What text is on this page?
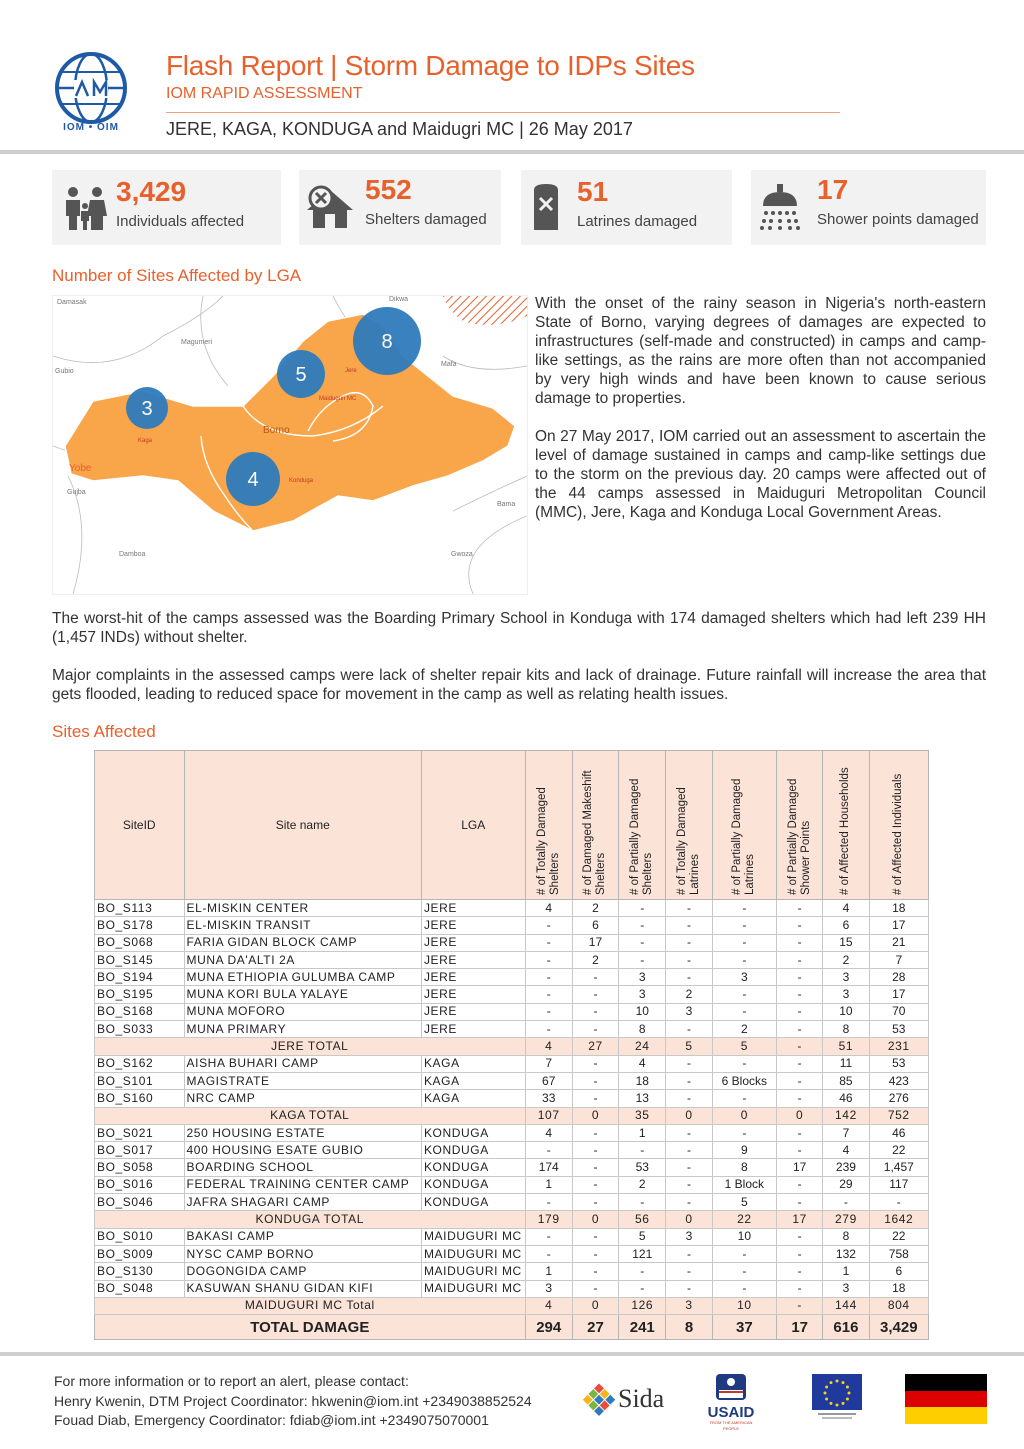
IOM • OIM
Flash Report | Storm Damage to IDPs Sites
IOM RAPID ASSESSMENT
JERE, KAGA, KONDUGA and Maidugri MC | 26 May 2017
3,429
Individuals affected
552
Shelters damaged
51
Latrines damaged
17
Shower points damaged
Number of Sites Affected by LGA
Damasak
Gubio
Magumeri
Mafa
Bama
Gujba
Damboa	Gwoza
Dikwa
Yobe
Borno
Kaga
Jere
Maiduguri MC
Konduga
3
5
8
4
With the onset of the rainy season in Nigeria's north-eastern State of Borno, varying degrees of damages are expected to infrastructures (self-made and constructed) in camps and camp-like settings, as the rains are more often than not accompanied by very high winds and have been known to cause serious damage to properties.
On 27 May 2017, IOM carried out an assessment to ascertain the level of damage sustained in camps and camp-like settings due to the storm on the previous day. 20 camps were affected out of the 44 camps assessed in Maiduguri Metropolitan Council (MMC), Jere, Kaga and Konduga Local Government Areas.
The worst-hit of the camps assessed was the Boarding Primary School in Konduga with 174 damaged shelters which had left 239 HH (1,457 INDs) without shelter.
Major complaints in the assessed camps were lack of shelter repair kits and lack of drainage. Future rainfall will increase the area that gets flooded, leading to reduced space for movement in the camp as well as relating health issues.
Sites Affected
SiteID	Site name	LGA	# of Totally Damaged Shelters	# of Damaged Makeshift Shelters	# of Partially Damaged Shelters	# of Totally Damaged Latrines	# of Partially Damaged Latrines	# of Partially Damaged Shower Points	# of Affected Households	# of Affected Individuals

BO_S113	EL-MISKIN CENTER	JERE	4	2	-	-	-	-	4	18
BO_S178	EL-MISKIN TRANSIT	JERE	-	6	-	-	-	-	6	17
BO_S068	FARIA GIDAN BLOCK CAMP	JERE	-	17	-	-	-	-	15	21
BO_S145	MUNA DA'ALTI 2A	JERE	-	2	-	-	-	-	2	7
BO_S194	MUNA ETHIOPIA GULUMBA CAMP	JERE	-	-	3	-	3	-	3	28
BO_S195	MUNA KORI BULA YALAYE	JERE	-	-	3	2	-	-	3	17
BO_S168	MUNA MOFORO	JERE	-	-	10	3	-	-	10	70
BO_S033	MUNA PRIMARY	JERE	-	-	8	-	2	-	8	53
JERE TOTAL			4	27	24	5	5	-	51	231
BO_S162	AISHA BUHARI CAMP	KAGA	7	-	4	-	-	-	11	53
BO_S101	MAGISTRATE	KAGA	67	-	18	-	6 Blocks	-	85	423
BO_S160	NRC CAMP	KAGA	33	-	13	-	-	-	46	276
KAGA TOTAL			107	0	35	0	0	0	142	752
BO_S021	250 HOUSING ESTATE	KONDUGA	4	-	1	-	-	-	7	46
BO_S017	400 HOUSING ESATE GUBIO	KONDUGA	-	-	-	-	9	-	4	22
BO_S058	BOARDING SCHOOL	KONDUGA	174	-	53	-	8	17	239	1,457
BO_S016	FEDERAL TRAINING CENTER CAMP	KONDUGA	1	-	2	-	1 Block	-	29	117
BO_S046	JAFRA SHAGARI CAMP	KONDUGA	-	-	-	-	5	-	-	-
KONDUGA TOTAL			179	0	56	0	22	17	279	1642
BO_S010	BAKASI CAMP	MAIDUGURI MC	-	-	5	3	10	-	8	22
BO_S009	NYSC CAMP BORNO	MAIDUGURI MC	-	-	121	-	-	-	132	758
BO_S130	DOGONGIDA CAMP	MAIDUGURI MC	1	-	-	-	-	-	1	6
BO_S048	KASUWAN SHANU GIDAN KIFI	MAIDUGURI MC	3	-	-	-	-	-	3	18
MAIDUGURI MC Total			4	0	126	3	10	-	144	804
TOTAL DAMAGE			294	27	241	8	37	17	616	3,429
For more information or to report an alert, please contact:
Henry Kwenin, DTM Project Coordinator: hkwenin@iom.int +2349038852524
Fouad Diab, Emergency Coordinator: fdiab@iom.int +2349075070001
Sida	USAID
FROM THE AMERICAN PEOPLE
